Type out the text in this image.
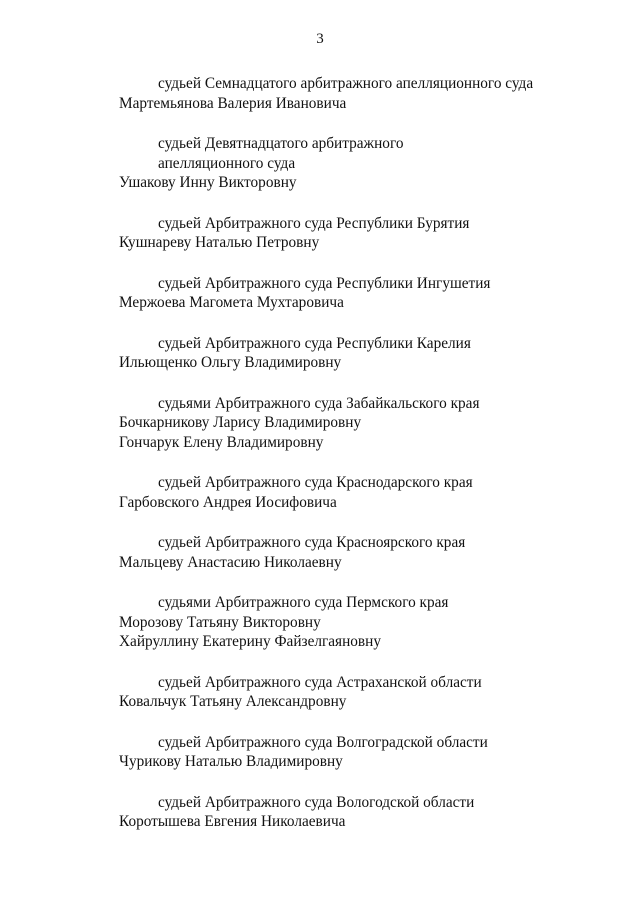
3
судьей Семнадцатого арбитражного апелляционного суда
Мартемьянова Валерия Ивановича
судьей Девятнадцатого арбитражного
апелляционного суда
Ушакову Инну Викторовну
судьей Арбитражного суда Республики Бурятия
Кушнареву Наталью Петровну
судьей Арбитражного суда Республики Ингушетия
Мержоева Магомета Мухтаровича
судьей Арбитражного суда Республики Карелия
Ильющенко Ольгу Владимировну
судьями Арбитражного суда Забайкальского края
Бочкарникову Ларису Владимировну
Гончарук Елену Владимировну
судьей Арбитражного суда Краснодарского края
Гарбовского Андрея Иосифовича
судьей Арбитражного суда Красноярского края
Мальцеву Анастасию Николаевну
судьями Арбитражного суда Пермского края
Морозову Татьяну Викторовну
Хайруллину Екатерину Файзелгаяновну
судьей Арбитражного суда Астраханской области
Ковальчук Татьяну Александровну
судьей Арбитражного суда Волгоградской области
Чурикову Наталью Владимировну
судьей Арбитражного суда Вологодской области
Коротышева Евгения Николаевича
